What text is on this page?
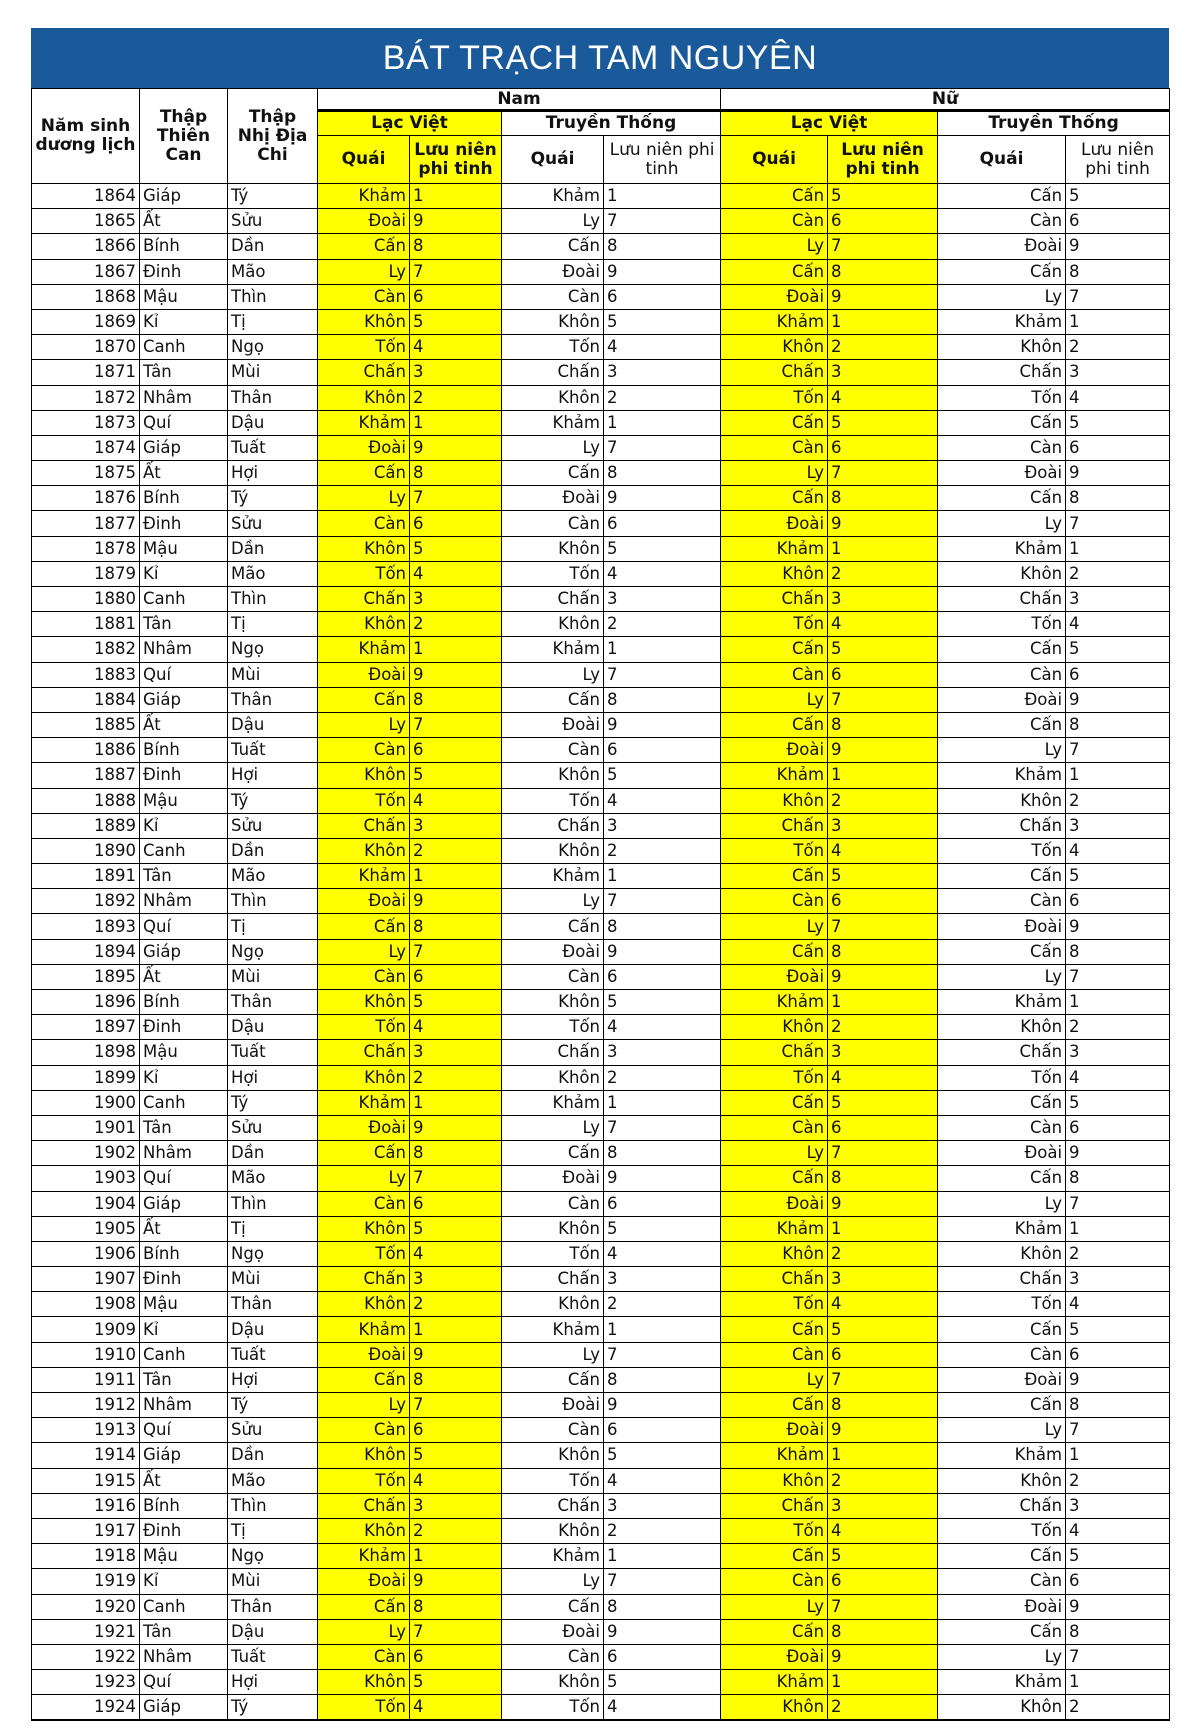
BÁT TRẠCH TAM NGUYÊN
Năm sinh dương lịch	Thập Thiên Can	Thập Nhị Địa Chi	Nam				Nữ			
			Lạc Việt		Truyền Thống		Lạc Việt		Truyền Thống	
			Quái	Lưu niên phi tinh	Quái	Lưu niên phi tinh	Quái	Lưu niên phi tinh	Quái	Lưu niên phi tinh
1864	Giáp	Tý	Khảm	1	Khảm	1	Cấn	5	Cấn	5
1865	Ất	Sửu	Đoài	9	Ly	7	Càn	6	Càn	6
1866	Bính	Dần	Cấn	8	Cấn	8	Ly	7	Đoài	9
1867	Đinh	Mão	Ly	7	Đoài	9	Cấn	8	Cấn	8
1868	Mậu	Thìn	Càn	6	Càn	6	Đoài	9	Ly	7
1869	Kỉ	Tị	Khôn	5	Khôn	5	Khảm	1	Khảm	1
1870	Canh	Ngọ	Tốn	4	Tốn	4	Khôn	2	Khôn	2
1871	Tân	Mùi	Chấn	3	Chấn	3	Chấn	3	Chấn	3
1872	Nhâm	Thân	Khôn	2	Khôn	2	Tốn	4	Tốn	4
1873	Quí	Dậu	Khảm	1	Khảm	1	Cấn	5	Cấn	5
1874	Giáp	Tuất	Đoài	9	Ly	7	Càn	6	Càn	6
1875	Ất	Hợi	Cấn	8	Cấn	8	Ly	7	Đoài	9
1876	Bính	Tý	Ly	7	Đoài	9	Cấn	8	Cấn	8
1877	Đinh	Sửu	Càn	6	Càn	6	Đoài	9	Ly	7
1878	Mậu	Dần	Khôn	5	Khôn	5	Khảm	1	Khảm	1
1879	Kỉ	Mão	Tốn	4	Tốn	4	Khôn	2	Khôn	2
1880	Canh	Thìn	Chấn	3	Chấn	3	Chấn	3	Chấn	3
1881	Tân	Tị	Khôn	2	Khôn	2	Tốn	4	Tốn	4
1882	Nhâm	Ngọ	Khảm	1	Khảm	1	Cấn	5	Cấn	5
1883	Quí	Mùi	Đoài	9	Ly	7	Càn	6	Càn	6
1884	Giáp	Thân	Cấn	8	Cấn	8	Ly	7	Đoài	9
1885	Ất	Dậu	Ly	7	Đoài	9	Cấn	8	Cấn	8
1886	Bính	Tuất	Càn	6	Càn	6	Đoài	9	Ly	7
1887	Đinh	Hợi	Khôn	5	Khôn	5	Khảm	1	Khảm	1
1888	Mậu	Tý	Tốn	4	Tốn	4	Khôn	2	Khôn	2
1889	Kỉ	Sửu	Chấn	3	Chấn	3	Chấn	3	Chấn	3
1890	Canh	Dần	Khôn	2	Khôn	2	Tốn	4	Tốn	4
1891	Tân	Mão	Khảm	1	Khảm	1	Cấn	5	Cấn	5
1892	Nhâm	Thìn	Đoài	9	Ly	7	Càn	6	Càn	6
1893	Quí	Tị	Cấn	8	Cấn	8	Ly	7	Đoài	9
1894	Giáp	Ngọ	Ly	7	Đoài	9	Cấn	8	Cấn	8
1895	Ất	Mùi	Càn	6	Càn	6	Đoài	9	Ly	7
1896	Bính	Thân	Khôn	5	Khôn	5	Khảm	1	Khảm	1
1897	Đinh	Dậu	Tốn	4	Tốn	4	Khôn	2	Khôn	2
1898	Mậu	Tuất	Chấn	3	Chấn	3	Chấn	3	Chấn	3
1899	Kỉ	Hợi	Khôn	2	Khôn	2	Tốn	4	Tốn	4
1900	Canh	Tý	Khảm	1	Khảm	1	Cấn	5	Cấn	5
1901	Tân	Sửu	Đoài	9	Ly	7	Càn	6	Càn	6
1902	Nhâm	Dần	Cấn	8	Cấn	8	Ly	7	Đoài	9
1903	Quí	Mão	Ly	7	Đoài	9	Cấn	8	Cấn	8
1904	Giáp	Thìn	Càn	6	Càn	6	Đoài	9	Ly	7
1905	Ất	Tị	Khôn	5	Khôn	5	Khảm	1	Khảm	1
1906	Bính	Ngọ	Tốn	4	Tốn	4	Khôn	2	Khôn	2
1907	Đinh	Mùi	Chấn	3	Chấn	3	Chấn	3	Chấn	3
1908	Mậu	Thân	Khôn	2	Khôn	2	Tốn	4	Tốn	4
1909	Kỉ	Dậu	Khảm	1	Khảm	1	Cấn	5	Cấn	5
1910	Canh	Tuất	Đoài	9	Ly	7	Càn	6	Càn	6
1911	Tân	Hợi	Cấn	8	Cấn	8	Ly	7	Đoài	9
1912	Nhâm	Tý	Ly	7	Đoài	9	Cấn	8	Cấn	8
1913	Quí	Sửu	Càn	6	Càn	6	Đoài	9	Ly	7
1914	Giáp	Dần	Khôn	5	Khôn	5	Khảm	1	Khảm	1
1915	Ất	Mão	Tốn	4	Tốn	4	Khôn	2	Khôn	2
1916	Bính	Thìn	Chấn	3	Chấn	3	Chấn	3	Chấn	3
1917	Đinh	Tị	Khôn	2	Khôn	2	Tốn	4	Tốn	4
1918	Mậu	Ngọ	Khảm	1	Khảm	1	Cấn	5	Cấn	5
1919	Kỉ	Mùi	Đoài	9	Ly	7	Càn	6	Càn	6
1920	Canh	Thân	Cấn	8	Cấn	8	Ly	7	Đoài	9
1921	Tân	Dậu	Ly	7	Đoài	9	Cấn	8	Cấn	8
1922	Nhâm	Tuất	Càn	6	Càn	6	Đoài	9	Ly	7
1923	Quí	Hợi	Khôn	5	Khôn	5	Khảm	1	Khảm	1
1924	Giáp	Tý	Tốn	4	Tốn	4	Khôn	2	Khôn	2
